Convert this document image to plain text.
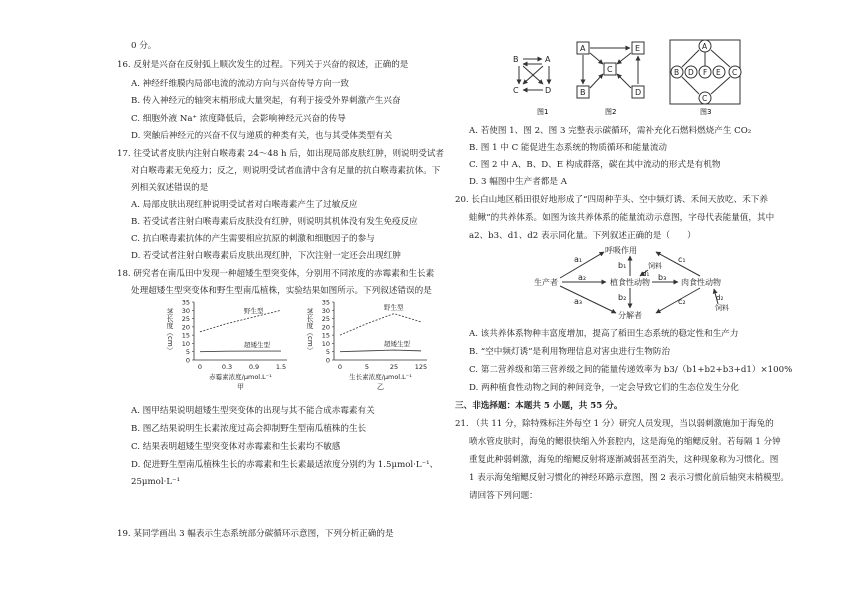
0 分。
16. 反射是兴奋在反射弧上顺次发生的过程。下列关于兴奋的叙述，正确的是
A. 神经纤维膜内局部电流的流动方向与兴奋传导方向一致
B. 传入神经元的轴突末梢形成大量突起，有利于接受外界刺激产生兴奋
C. 细胞外液 Na⁺ 浓度降低后，会影响神经元兴奋的传导
D. 突触后神经元的兴奋不仅与递质的种类有关，也与其受体类型有关
17. 往受试者皮肤内注射白喉毒素 24～48 h 后，如出现局部皮肤红肿，则说明受试者
对白喉毒素无免疫力；反之，则说明受试者血清中含有足量的抗白喉毒素抗体。下
列相关叙述错误的是
A. 局部皮肤出现红肿说明受试者对白喉毒素产生了过敏反应
B. 若受试者注射白喉毒素后皮肤没有红肿，则说明其机体没有发生免疫反应
C. 抗白喉毒素抗体的产生需要相应抗原的刺激和细胞因子的参与
D. 若受试者注射白喉毒素后皮肤出现红肿，下次注射一定还会出现红肿
18. 研究者在南瓜田中发现一种超矮生型突变体，分别用不同浓度的赤霉素和生长素
处理超矮生型突变体和野生型南瓜植株，实验结果如图所示。下列叙述错误的是
0
5
10
15
20
25
30
35
茎长度（cm）
0	0.3	0.9	1.5
赤霉素浓度/μmol.L⁻¹
甲
野生型
超矮生型
0
5
10
15
20
25
30
35
茎长度（cm）
0	5	25	125
生长素浓度/μmol.L⁻¹
乙
野生型
超矮生型
A. 图甲结果说明超矮生型突变体的出现与其不能合成赤霉素有关
B. 图乙结果说明生长素浓度过高会抑制野生型南瓜植株的生长
C. 结果表明超矮生型突变体对赤霉素和生长素均不敏感
D. 促进野生型南瓜植株生长的赤霉素和生长素最适浓度分别约为 1.5μmol·L⁻¹、
25μmol·L⁻¹
19. 某同学画出 3 幅表示生态系统部分碳循环示意图，下列分析正确的是
B	A
C	D
A	E
C
B	D
A
B D F E C
C
图1	图2	图3
A. 若使图 1、图 2、图 3 完整表示碳循环，需补充化石燃料燃烧产生 CO₂
B. 图 1 中 C 能促进生态系统的物质循环和能量流动
C. 图 2 中 A、B、D、E 构成群落，碳在其中流动的形式是有机物
D. 3 幅图中生产者都是 A
20. 长白山地区稻田很好地形成了“四周种芋头、空中频灯诱、禾间天放吃、禾下养
蛙鳅”的共养体系。如图为该共养体系的能量流动示意图，字母代表能量值，其中
a2、b3、d1、d2 表示同化量。下列叙述正确的是（　　）
呼吸作用
生产者	植食性动物	肉食性动物
分解者
饲料
饲料
a₁
a₂
a₃
b₁
b₂
b₃
c₁
c₂
d₁
d₂
A. 该共养体系物种丰富度增加，提高了稻田生态系统的稳定性和生产力
B. “空中频灯诱”是利用物理信息对害虫进行生物防治
C. 第二营养级和第三营养级之间的能量传递效率为 b3/（b1+b2+b3+d1）×100%
D. 两种植食性动物之间的种间竞争，一定会导致它们的生态位发生分化
三、非选择题：本题共 5 小题，共 55 分。
21. （共 11 分，除特殊标注外每空 1 分）研究人员发现，当以弱刺激施加于海兔的
喷水管皮肤时，海兔的鳃很快缩入外套腔内，这是海兔的缩鳃反射。若每隔 1 分钟
重复此种弱刺激，海兔的缩鳃反射将逐渐减弱甚至消失，这种现象称为习惯化。图
1 表示海兔缩鳃反射习惯化的神经环路示意图，图 2 表示习惯化前后轴突末梢模型。
请回答下列问题：
